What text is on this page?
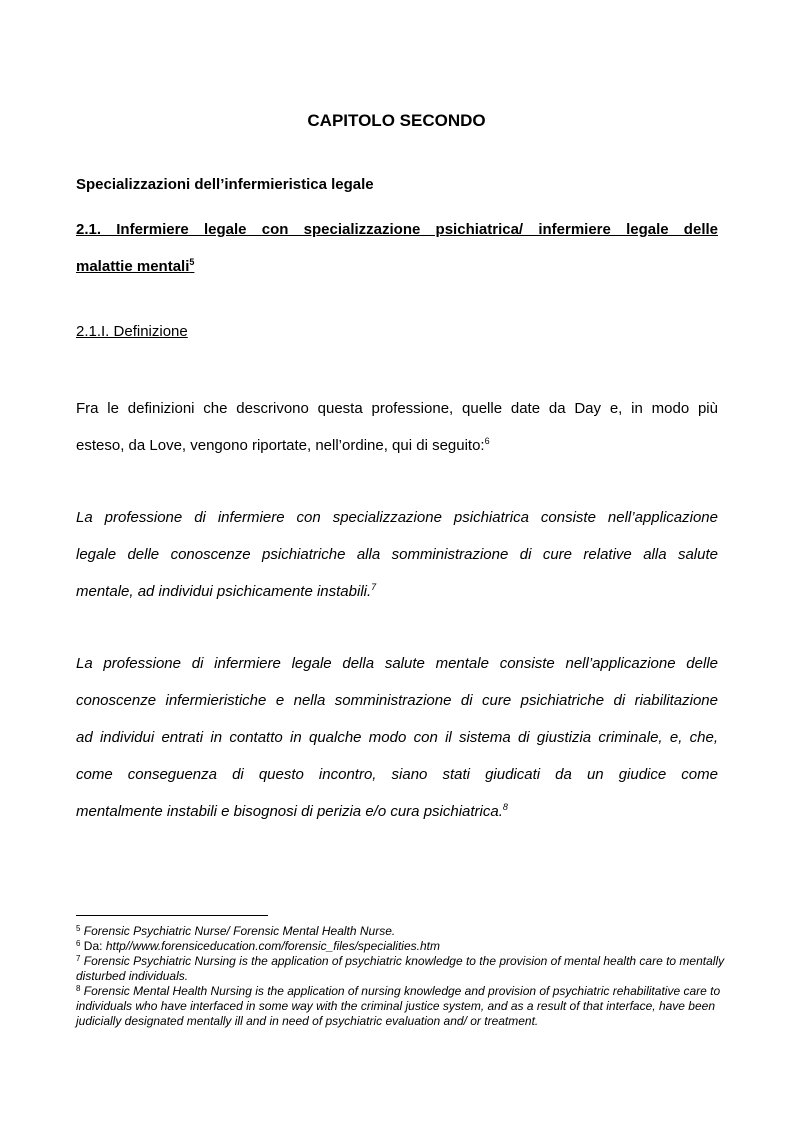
CAPITOLO SECONDO

Specializzazioni dell’infermieristica legale

2.1. Infermiere legale con specializzazione psichiatrica/ infermiere legale delle
malattie mentali$^5$

2.1.I. Definizione

Fra le definizioni che descrivono questa professione, quelle date da Day e, in modo più
esteso, da Love, vengono riportate, nell’ordine, qui di seguito:$^6$
La professione di infermiere con specializzazione psichiatrica consiste nell’applicazione
legale delle conoscenze psichiatriche alla somministrazione di cure relative alla salute
mentale, ad individui psichicamente instabili.$^7$
La professione di infermiere legale della salute mentale consiste nell’applicazione delle
conoscenze infermieristiche e nella somministrazione di cure psichiatriche di riabilitazione
ad individui entrati in contatto in qualche modo con il sistema di giustizia criminale, e, che,
come conseguenza di questo incontro, siano stati giudicati da un giudice come
mentalmente instabili e bisognosi di perizia e/o cura psichiatrica.$^8$
$^5$ Forensic Psychiatric Nurse/ Forensic Mental Health Nurse.
$^6$ Da: http//www.forensiceducation.com/forensic_files/specialities.htm
$^7$ Forensic Psychiatric Nursing is the application of psychiatric knowledge to the provision of mental health care to mentally disturbed individuals.
$^8$ Forensic Mental Health Nursing is the application of nursing knowledge and provision of psychiatric rehabilitative care to individuals who have interfaced in some way with the criminal justice system, and as a result of that interface, have been judicially designated mentally ill and in need of psychiatric evaluation and/ or treatment.
